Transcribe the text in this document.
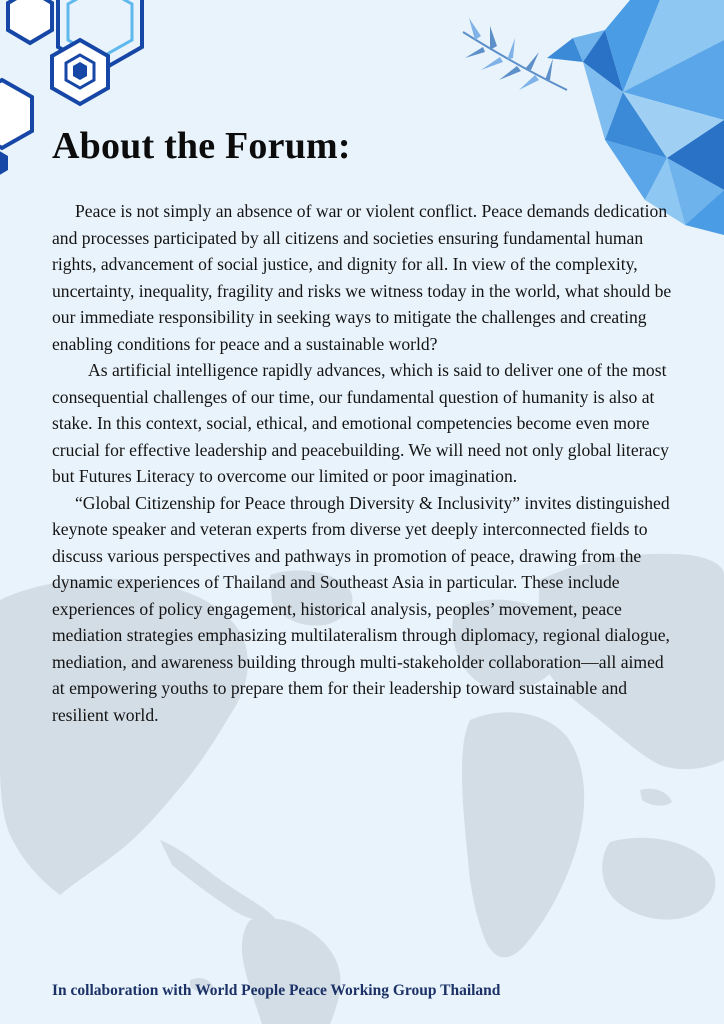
About the Forum:

Peace is not simply an absence of war or violent conflict. Peace demands dedication and processes participated by all citizens and societies ensuring fundamental human rights, advancement of social justice, and dignity for all. In view of the complexity, uncertainty, inequality, fragility and risks we witness today in the world, what should be our immediate responsibility in seeking ways to mitigate the challenges and creating enabling conditions for peace and a sustainable world?

As artificial intelligence rapidly advances, which is said to deliver one of the most consequential challenges of our time, our fundamental question of humanity is also at stake. In this context, social, ethical, and emotional competencies become even more crucial for effective leadership and peacebuilding. We will need not only global literacy but Futures Literacy to overcome our limited or poor imagination.

“Global Citizenship for Peace through Diversity & Inclusivity” invites distinguished keynote speaker and veteran experts from diverse yet deeply interconnected fields to discuss various perspectives and pathways in promotion of peace, drawing from the dynamic experiences of Thailand and Southeast Asia in particular. These include experiences of policy engagement, historical analysis, peoples’ movement, peace mediation strategies emphasizing multilateralism through diplomacy, regional dialogue, mediation, and awareness building through multi-stakeholder collaboration—all aimed at empowering youths to prepare them for their leadership toward sustainable and resilient world.

In collaboration with World People Peace Working Group Thailand
